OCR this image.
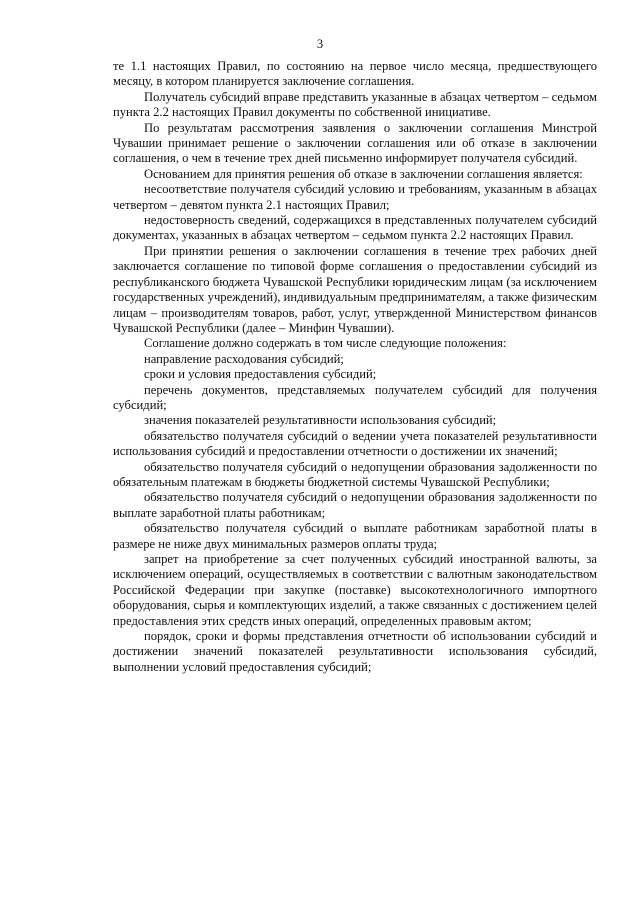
3

те 1.1 настоящих Правил, по состоянию на первое число месяца, предшествующего месяцу, в котором планируется заключение соглашения.

Получатель субсидий вправе представить указанные в абзацах четвертом – седьмом пункта 2.2 настоящих Правил документы по собственной инициативе.

По результатам рассмотрения заявления о заключении соглашения Минстрой Чувашии принимает решение о заключении соглашения или об отказе в заключении соглашения, о чем в течение трех дней письменно информирует получателя субсидий.

Основанием для принятия решения об отказе в заключении соглашения является:

несоответствие получателя субсидий условию и требованиям, указанным в абзацах четвертом – девятом пункта 2.1 настоящих Правил;

недостоверность сведений, содержащихся в представленных получателем субсидий документах, указанных в абзацах четвертом – седьмом пункта 2.2 настоящих Правил.

При принятии решения о заключении соглашения в течение трех рабочих дней заключается соглашение по типовой форме соглашения о предоставлении субсидий из республиканского бюджета Чувашской Республики юридическим лицам (за исключением государственных учреждений), индивидуальным предпринимателям, а также физическим лицам – производителям товаров, работ, услуг, утвержденной Министерством финансов Чувашской Республики (далее – Минфин Чувашии).

Соглашение должно содержать в том числе следующие положения:

направление расходования субсидий;

сроки и условия предоставления субсидий;

перечень документов, представляемых получателем субсидий для получения субсидий;

значения показателей результативности использования субсидий;

обязательство получателя субсидий о ведении учета показателей результативности использования субсидий и предоставлении отчетности о достижении их значений;

обязательство получателя субсидий о недопущении образования задолженности по обязательным платежам в бюджеты бюджетной системы Чувашской Республики;

обязательство получателя субсидий о недопущении образования задолженности по выплате заработной платы работникам;

обязательство получателя субсидий о выплате работникам заработной платы в размере не ниже двух минимальных размеров оплаты труда;

запрет на приобретение за счет полученных субсидий иностранной валюты, за исключением операций, осуществляемых в соответствии с валютным законодательством Российской Федерации при закупке (поставке) высокотехнологичного импортного оборудования, сырья и комплектующих изделий, а также связанных с достижением целей предоставления этих средств иных операций, определенных правовым актом;

порядок, сроки и формы представления отчетности об использовании субсидий и достижении значений показателей результативности использования субсидий, выполнении условий предоставления субсидий;
